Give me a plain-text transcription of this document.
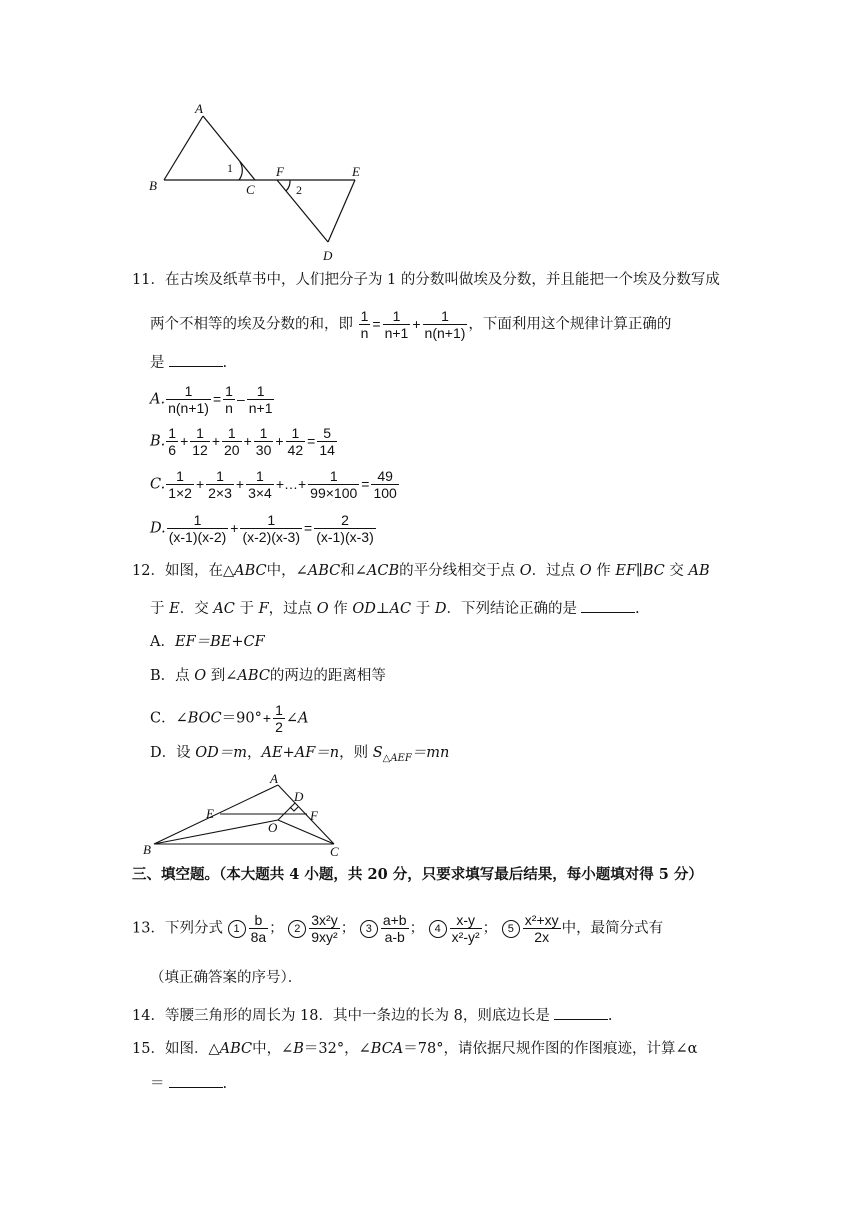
A
B	C
F	E
D
1
2
11．在古埃及纸草书中，人们把分子为 1 的分数叫做埃及分数，并且能把一个埃及分数写成
两个不相等的埃及分数的和，即 $\frac{1}{n} = \frac{1}{n+1} + \frac{1}{n(n+1)}$ ，下面利用这个规律计算正确的
是	.
A. $\frac{1}{n(n+1)} = \frac{1}{n} - \frac{1}{n+1}$
B. $\frac{1}{6} + \frac{1}{12} + \frac{1}{20} + \frac{1}{30} + \frac{1}{42} = \frac{5}{14}$
C. $\frac{1}{1\times 2} + \frac{1}{2\times 3} + \frac{1}{3\times 4}$ +…+ $\frac{1}{99\times 100} = \frac{49}{100}$
D. $\frac{1}{(x-1)(x-2)} + \frac{1}{(x-2)(x-3)} = \frac{2}{(x-1)(x-3)}$
12．如图，在△ABC中，∠ABC和∠ACB的平分线相交于点 O．过点 O 作 EF∥BC 交 AB
于 E．交 AC 于 F，过点 O 作 OD⊥AC 于 D．下列结论正确的是	.
A．EF＝BE+CF
B．点 O 到∠ABC的两边的距离相等
C．∠BOC＝90°+ $\frac{1}{2}$ ∠A
D．设 OD＝m，AE+AF＝n，则 $S_{\triangle AEF}=mn$
A
B	C
D
E	F
O
三、填空题。（本大题共 4 小题，共 20 分，只要求填写最后结果，每小题填对得 5 分）
13．下列分式 $1 \frac{b}{8a}$ ； $2 \frac{\text{3x²y}}{\text{9xy²}}$ ； $3 \frac{a+b}{a-b}$ ； $4 \frac{x-y}{\text{x²-y²}}$ ； $5 \frac{\text{x²+xy}}{2x}$ 中，最简分式有
（填正确答案的序号）．
14．等腰三角形的周长为 18．其中一条边的长为 8，则底边长是	.
15．如图．△ABC中，∠B＝32°，∠BCA＝78°，请依据尺规作图的作图痕迹，计算∠α
＝	.
